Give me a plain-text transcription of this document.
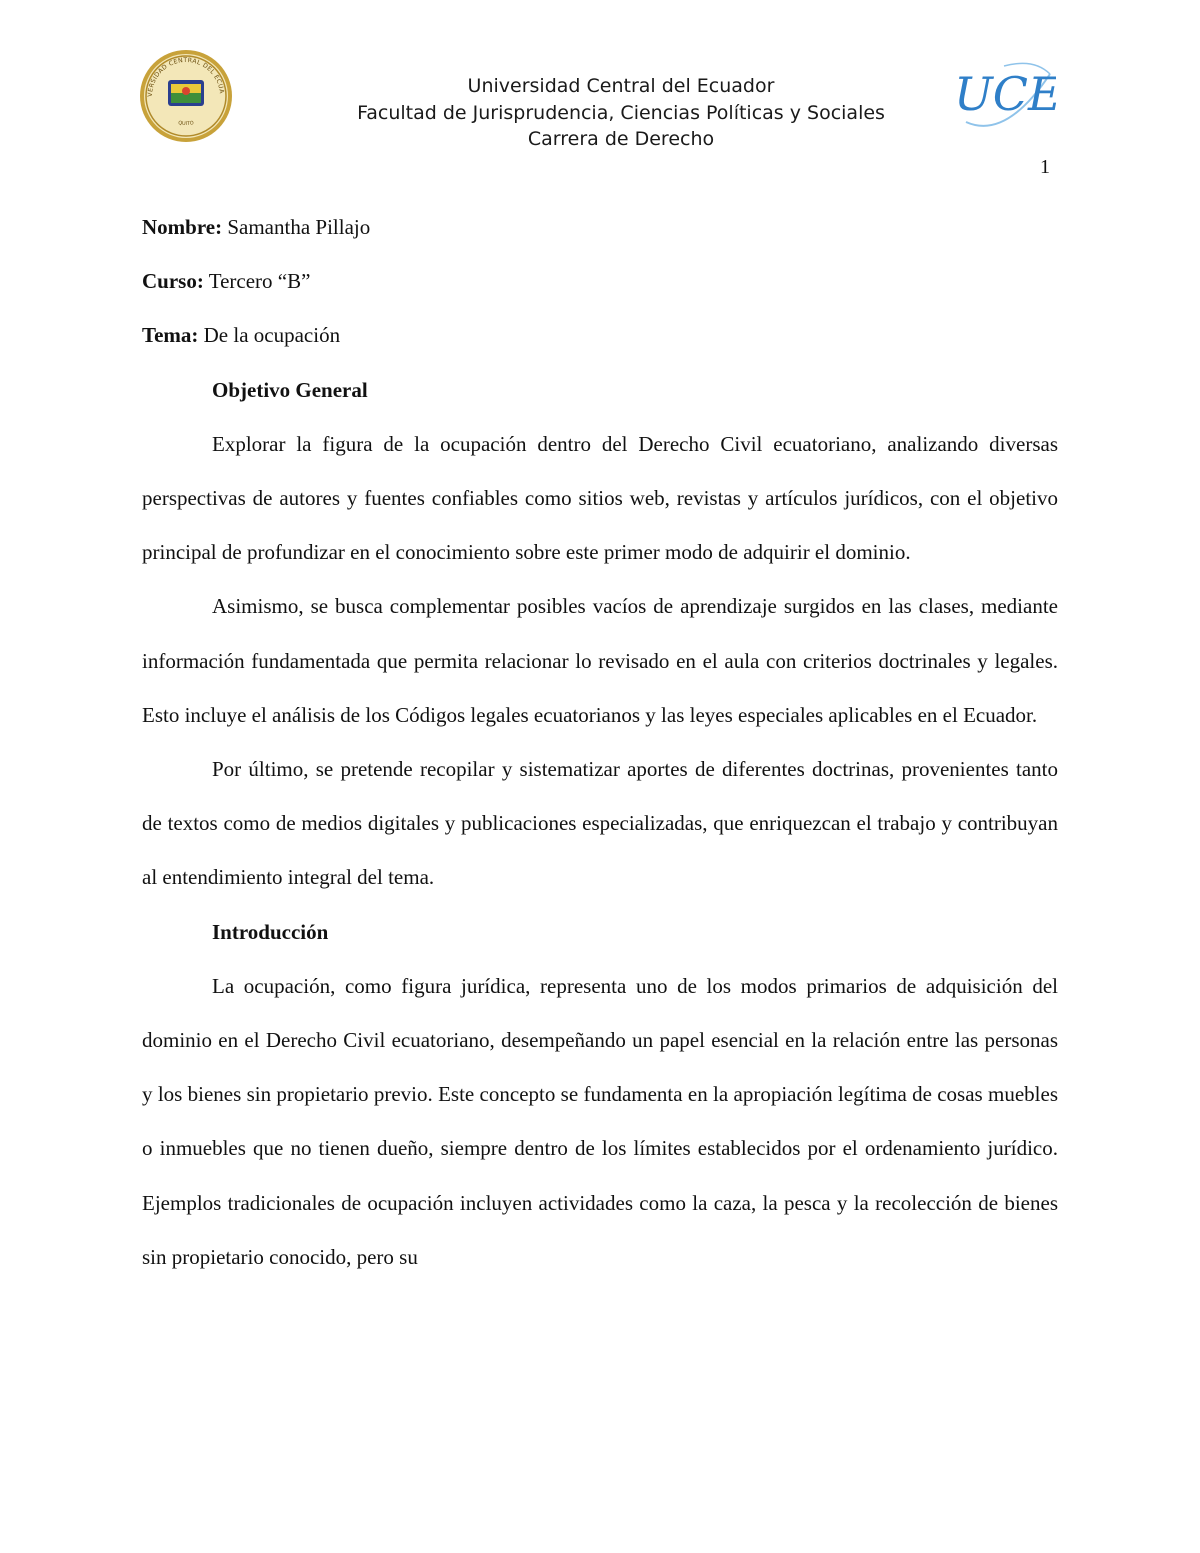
VERSIDAD CENTRAL DEL ECUA
QUITO
Universidad Central del Ecuador
Facultad de Jurisprudencia, Ciencias Políticas y Sociales
Carrera de Derecho
UCE
1

Nombre: Samantha Pillajo

Curso: Tercero “B”

Tema: De la ocupación

Objetivo General

Explorar la figura de la ocupación dentro del Derecho Civil ecuatoriano, analizando diversas perspectivas de autores y fuentes confiables como sitios web, revistas y artículos jurídicos, con el objetivo principal de profundizar en el conocimiento sobre este primer modo de adquirir el dominio.

Asimismo, se busca complementar posibles vacíos de aprendizaje surgidos en las clases, mediante información fundamentada que permita relacionar lo revisado en el aula con criterios doctrinales y legales. Esto incluye el análisis de los Códigos legales ecuatorianos y las leyes especiales aplicables en el Ecuador.

Por último, se pretende recopilar y sistematizar aportes de diferentes doctrinas, provenientes tanto de textos como de medios digitales y publicaciones especializadas, que enriquezcan el trabajo y contribuyan al entendimiento integral del tema.

Introducción

La ocupación, como figura jurídica, representa uno de los modos primarios de adquisición del dominio en el Derecho Civil ecuatoriano, desempeñando un papel esencial en la relación entre las personas y los bienes sin propietario previo. Este concepto se fundamenta en la apropiación legítima de cosas muebles o inmuebles que no tienen dueño, siempre dentro de los límites establecidos por el ordenamiento jurídico. Ejemplos tradicionales de ocupación incluyen actividades como la caza, la pesca y la recolección de bienes sin propietario conocido, pero su
